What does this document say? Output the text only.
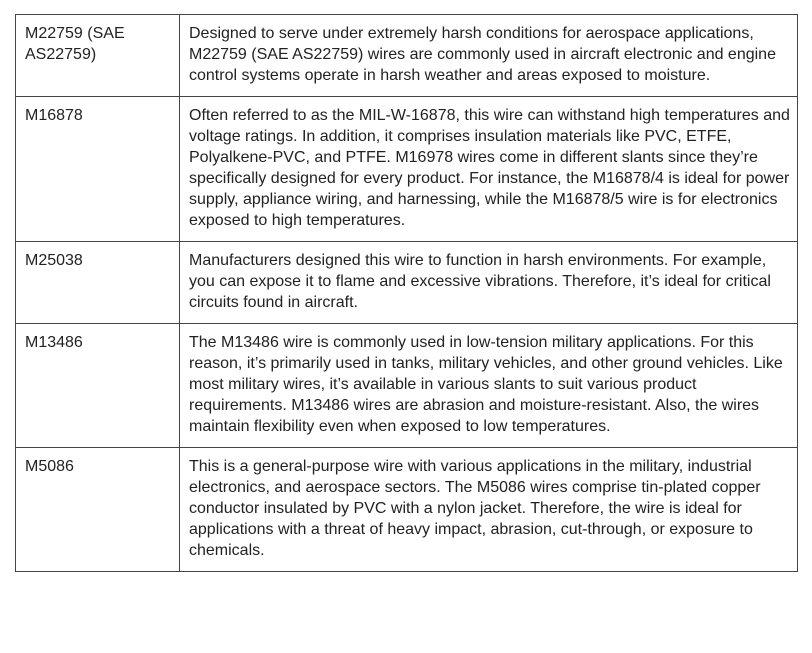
M22759 (SAE AS22759)	Designed to serve under extremely harsh conditions for aerospace applications, M22759 (SAE AS22759) wires are commonly used in aircraft electronic and engine control systems operate in harsh weather and areas exposed to moisture.
M16878	Often referred to as the MIL-W-16878, this wire can withstand high temperatures and voltage ratings. In addition, it comprises insulation materials like PVC, ETFE, Polyalkene-PVC, and PTFE. M16978 wires come in different slants since they’re specifically designed for every product. For instance, the M16878/4 is ideal for power supply, appliance wiring, and harnessing, while the M16878/5 wire is for electronics exposed to high temperatures.
M25038	Manufacturers designed this wire to function in harsh environments. For example, you can expose it to flame and excessive vibrations. Therefore, it’s ideal for critical circuits found in aircraft.
M13486	The M13486 wire is commonly used in low-tension military applications. For this reason, it’s primarily used in tanks, military vehicles, and other ground vehicles. Like most military wires, it’s available in various slants to suit various product requirements. M13486 wires are abrasion and moisture-resistant. Also, the wires maintain flexibility even when exposed to low temperatures.
M5086	This is a general-purpose wire with various applications in the military, industrial electronics, and aerospace sectors. The M5086 wires comprise tin-plated copper conductor insulated by PVC with a nylon jacket. Therefore, the wire is ideal for applications with a threat of heavy impact, abrasion, cut-through, or exposure to chemicals.
